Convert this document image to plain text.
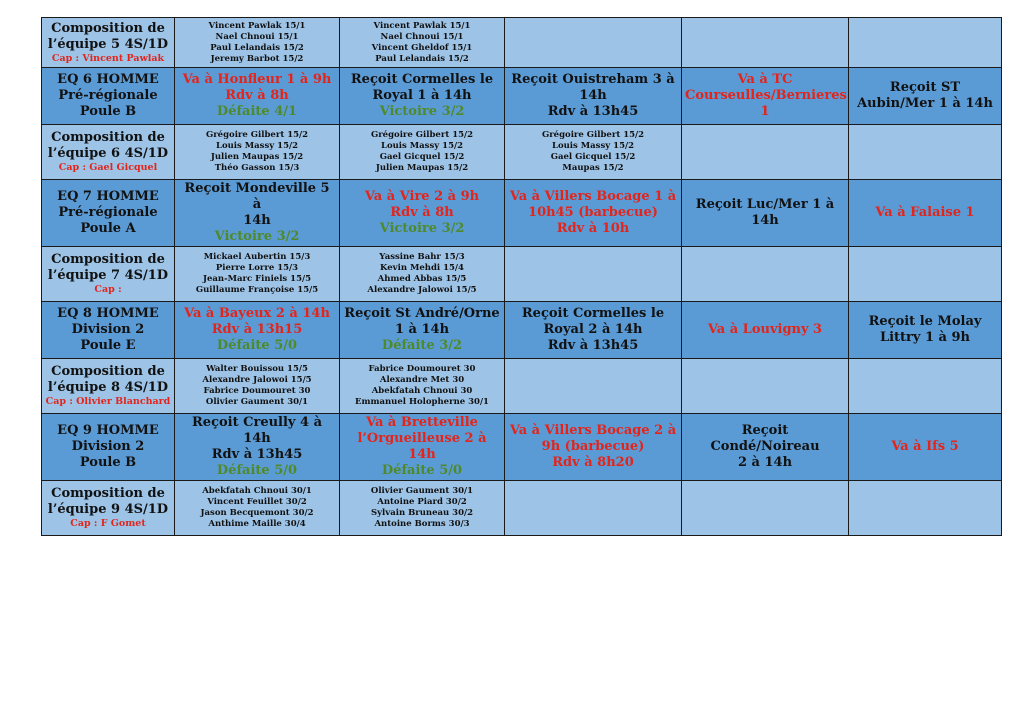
Composition de
l’équipe 5 4S/1D
Cap : Vincent Pawlak	Vincent Pawlak 15/1
Nael Chnoui 15/1
Paul Lelandais 15/2
Jeremy Barbot 15/2	Vincent Pawlak 15/1
Nael Chnoui 15/1
Vincent Gheldof 15/1
Paul Lelandais 15/2			

EQ 6 HOMME
Pré-régionale
Poule B	Va à Honfleur 1 à 9h
Rdv à 8h
Défaite 4/1	Reçoit Cormelles le
Royal 1 à 14h
Victoire 3/2	Reçoit Ouistreham 3 à
14h
Rdv à 13h45	Va à TC
Courseulles/Bernieres
1	Reçoit ST
Aubin/Mer 1 à 14h

Composition de
l’équipe 6 4S/1D
Cap : Gael Gicquel	Grégoire Gilbert 15/2
Louis Massy 15/2
Julien Maupas 15/2
Théo Gasson 15/3	Grégoire Gilbert 15/2
Louis Massy 15/2
Gael Gicquel 15/2
Julien Maupas 15/2	Grégoire Gilbert 15/2
Louis Massy 15/2
Gael Gicquel 15/2
Maupas 15/2		

EQ 7 HOMME
Pré-régionale
Poule A	Reçoit Mondeville 5 à
14h
Victoire 3/2	Va à Vire 2 à 9h
Rdv à 8h
Victoire 3/2	Va à Villers Bocage 1 à
10h45 (barbecue)
Rdv à 10h	Reçoit Luc/Mer 1 à
14h	Va à Falaise 1

Composition de
l’équipe 7 4S/1D
Cap :	Mickael Aubertin 15/3
Pierre Lorre 15/3
Jean-Marc Finiels 15/5
Guillaume Françoise 15/5	Yassine Bahr 15/3
Kevin Mehdi 15/4
Ahmed Abbas 15/5
Alexandre Jalowoi 15/5			

EQ 8 HOMME
Division 2
Poule E	Va à Bayeux 2 à 14h
Rdv à 13h15
Défaite 5/0	Reçoit St André/Orne
1 à 14h
Défaite 3/2	Reçoit Cormelles le
Royal 2 à 14h
Rdv à 13h45	Va à Louvigny 3	Reçoit le Molay
Littry 1 à 9h

Composition de
l’équipe 8 4S/1D
Cap : Olivier Blanchard	Walter Bouissou 15/5
Alexandre Jalowoi 15/5
Fabrice Doumouret 30
Olivier Gaument 30/1	Fabrice Doumouret 30
Alexandre Met 30
Abekfatah Chnoui 30
Emmanuel Holopherne 30/1			

EQ 9 HOMME
Division 2
Poule B	Reçoit Creully 4 à 14h
Rdv à 13h45
Défaite 5/0	Va à Bretteville
l’Orgueilleuse 2 à 14h
Défaite 5/0	Va à Villers Bocage 2 à
9h (barbecue)
Rdv à 8h20	Reçoit Condé/Noireau
2 à 14h	Va à Ifs 5

Composition de
l’équipe 9 4S/1D
Cap : F Gomet	Abekfatah Chnoui 30/1
Vincent Feuillet 30/2
Jason Becquemont 30/2
Anthime Maille 30/4	Olivier Gaument 30/1
Antoine Piard 30/2
Sylvain Bruneau 30/2
Antoine Borms 30/3			
